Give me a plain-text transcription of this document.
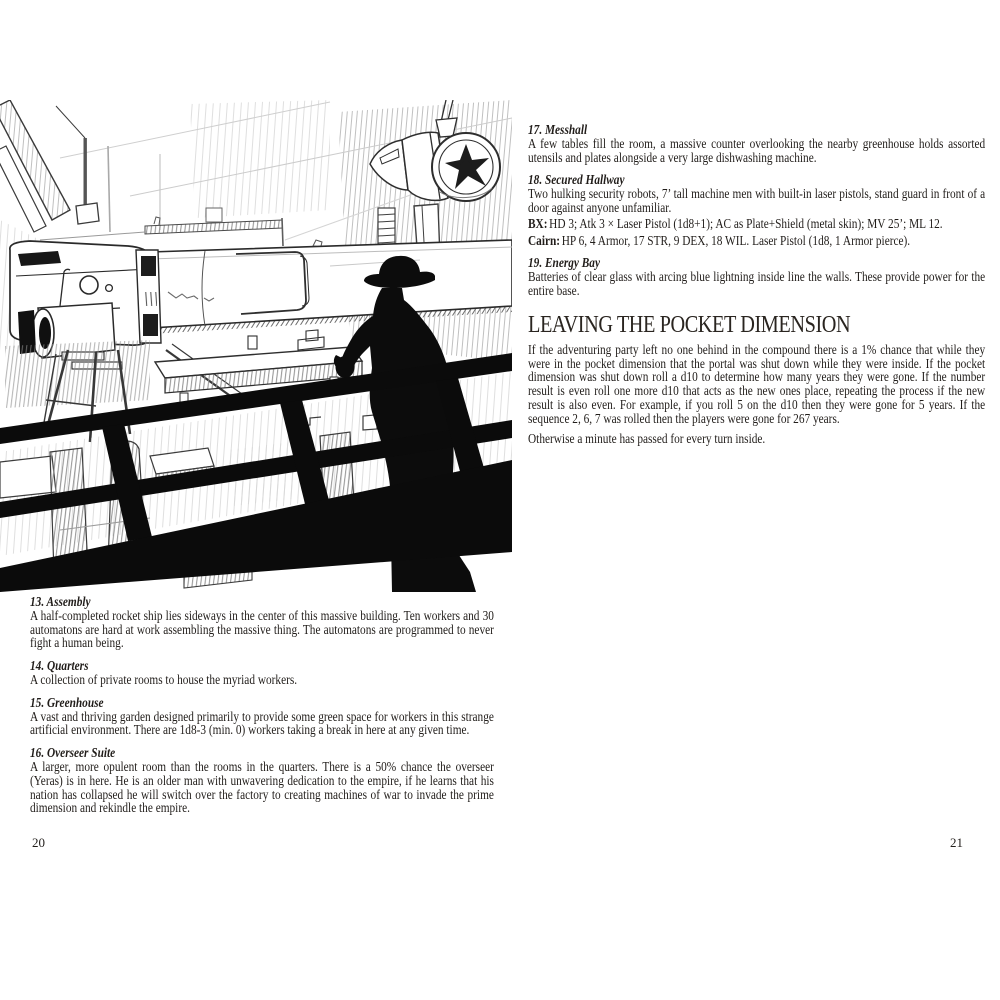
13. Assembly

A half-completed rocket ship lies sideways in the center of this massive building. Ten workers and 30 automatons are hard at work assembling the massive thing. The automatons are programmed to never fight a human being.

14. Quarters

A collection of private rooms to house the myriad workers.

15. Greenhouse

A vast and thriving garden designed primarily to provide some green space for workers in this strange artificial environment. There are 1d8-3 (min. 0) workers taking a break in here at any given time.

16. Overseer Suite

A larger, more opulent room than the rooms in the quarters. There is a 50% chance the overseer (Yeras) is in here. He is an older man with unwavering dedication to the empire, if he learns that his nation has collapsed he will switch over the factory to creating machines of war to invade the prime dimension and rekindle the empire.

17. Messhall

A few tables fill the room, a massive counter overlooking the nearby greenhouse holds assorted utensils and plates alongside a very large dishwashing machine.

18. Secured Hallway

Two hulking security robots, 7’ tall machine men with built-in laser pistols, stand guard in front of a door against anyone unfamiliar.

BX: HD 3; Atk 3 × Laser Pistol (1d8+1); AC as Plate+Shield (metal skin); MV 25’; ML 12.

Cairn: HP 6, 4 Armor, 17 STR, 9 DEX, 18 WIL. Laser Pistol (1d8, 1 Armor pierce).

19. Energy Bay

Batteries of clear glass with arcing blue lightning inside line the walls. These provide power for the entire base.

LEAVING THE POCKET DIMENSION

If the adventuring party left no one behind in the compound there is a 1% chance that while they were in the pocket dimension that the portal was shut down while they were inside. If the pocket dimension was shut down roll a d10 to determine how many years they were gone. If the number result is even roll one more d10 that acts as the new ones place, repeating the process if the new result is also even. For example, if you roll 5 on the d10 then they were gone for 5 years. If the sequence 2, 6, 7 was rolled then the players were gone for 267 years.

Otherwise a minute has passed for every turn inside.

20	21
